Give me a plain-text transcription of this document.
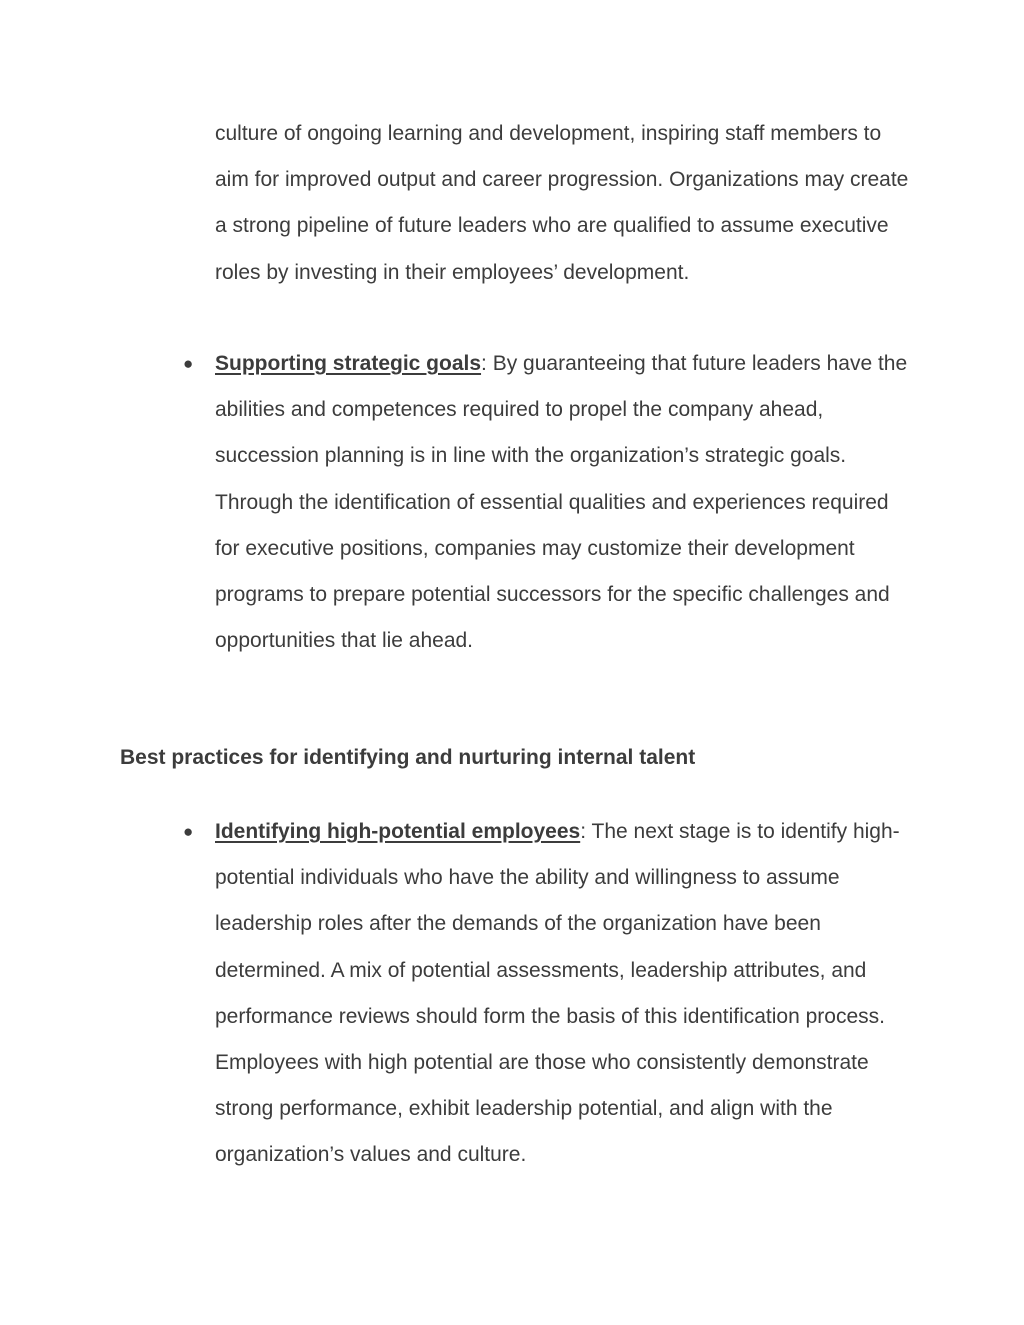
culture of ongoing learning and development, inspiring staff members to aim for improved output and career progression. Organizations may create a strong pipeline of future leaders who are qualified to assume executive roles by investing in their employees’ development.

● Supporting strategic goals: By guaranteeing that future leaders have the abilities and competences required to propel the company ahead, succession planning is in line with the organization’s strategic goals. Through the identification of essential qualities and experiences required for executive positions, companies may customize their development programs to prepare potential successors for the specific challenges and opportunities that lie ahead.
Best practices for identifying and nurturing internal talent
● Identifying high-potential employees: The next stage is to identify high-potential individuals who have the ability and willingness to assume leadership roles after the demands of the organization have been determined. A mix of potential assessments, leadership attributes, and performance reviews should form the basis of this identification process. Employees with high potential are those who consistently demonstrate strong performance, exhibit leadership potential, and align with the organization’s values and culture.
